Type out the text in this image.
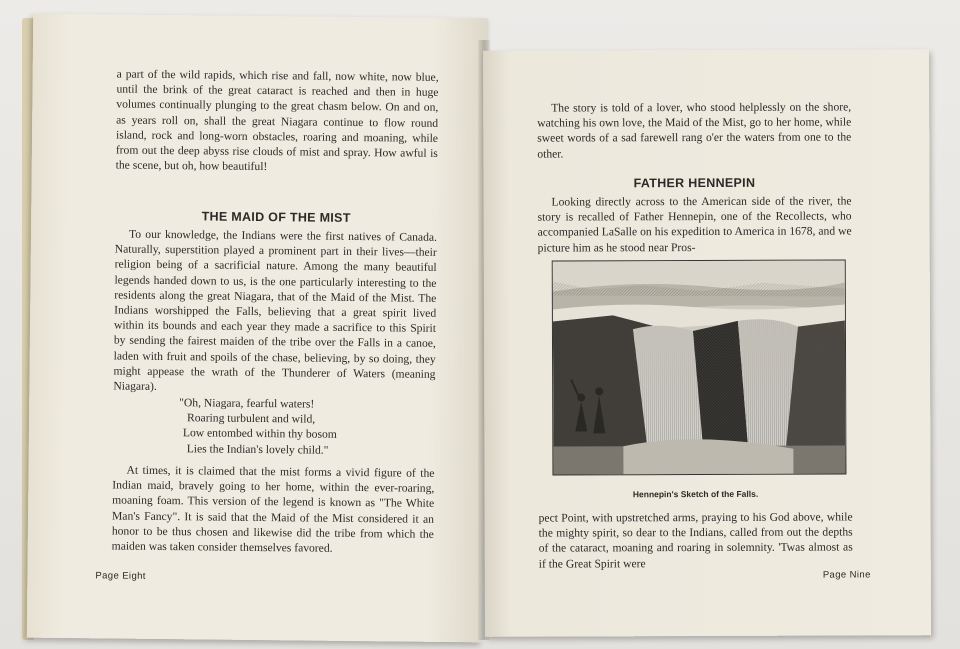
a part of the wild rapids, which rise and fall, now white, now blue, until the brink of the great cataract is reached and then in huge volumes continually plunging to the great chasm below. On and on, as years roll on, shall the great Niagara continue to flow round island, rock and long-worn obstacles, roaring and moaning, while from out the deep abyss rise clouds of mist and spray. How awful is the scene, but oh, how beautiful!

THE MAID OF THE MIST

To our knowledge, the Indians were the first natives of Canada. Naturally, superstition played a prominent part in their lives—their religion being of a sacrificial nature. Among the many beautiful legends handed down to us, is the one particularly interesting to the residents along the great Niagara, that of the Maid of the Mist. The Indians worshipped the Falls, believing that a great spirit lived within its bounds and each year they made a sacrifice to this Spirit by sending the fairest maiden of the tribe over the Falls in a canoe, laden with fruit and spoils of the chase, believing, by so doing, they might appease the wrath of the Thunderer of Waters (meaning Niagara).

"Oh, Niagara, fearful waters!
Roaring turbulent and wild,
Low entombed within thy bosom
Lies the Indian's lovely child."

At times, it is claimed that the mist forms a vivid figure of the Indian maid, bravely going to her home, within the ever-roaring, moaning foam. This version of the legend is known as "The White Man's Fancy". It is said that the Maid of the Mist considered it an honor to be thus chosen and likewise did the tribe from which the maiden was taken consider themselves favored.

Page Eight

The story is told of a lover, who stood helplessly on the shore, watching his own love, the Maid of the Mist, go to her home, while sweet words of a sad farewell rang o'er the waters from one to the other.

FATHER HENNEPIN

Looking directly across to the American side of the river, the story is recalled of Father Hennepin, one of the Recollects, who accompanied LaSalle on his expedition to America in 1678, and we picture him as he stood near Pros-

Hennepin's Sketch of the Falls.

pect Point, with upstretched arms, praying to his God above, while the mighty spirit, so dear to the Indians, called from out the depths of the cataract, moaning and roaring in solemnity. 'Twas almost as if the Great Spirit were

Page Nine
